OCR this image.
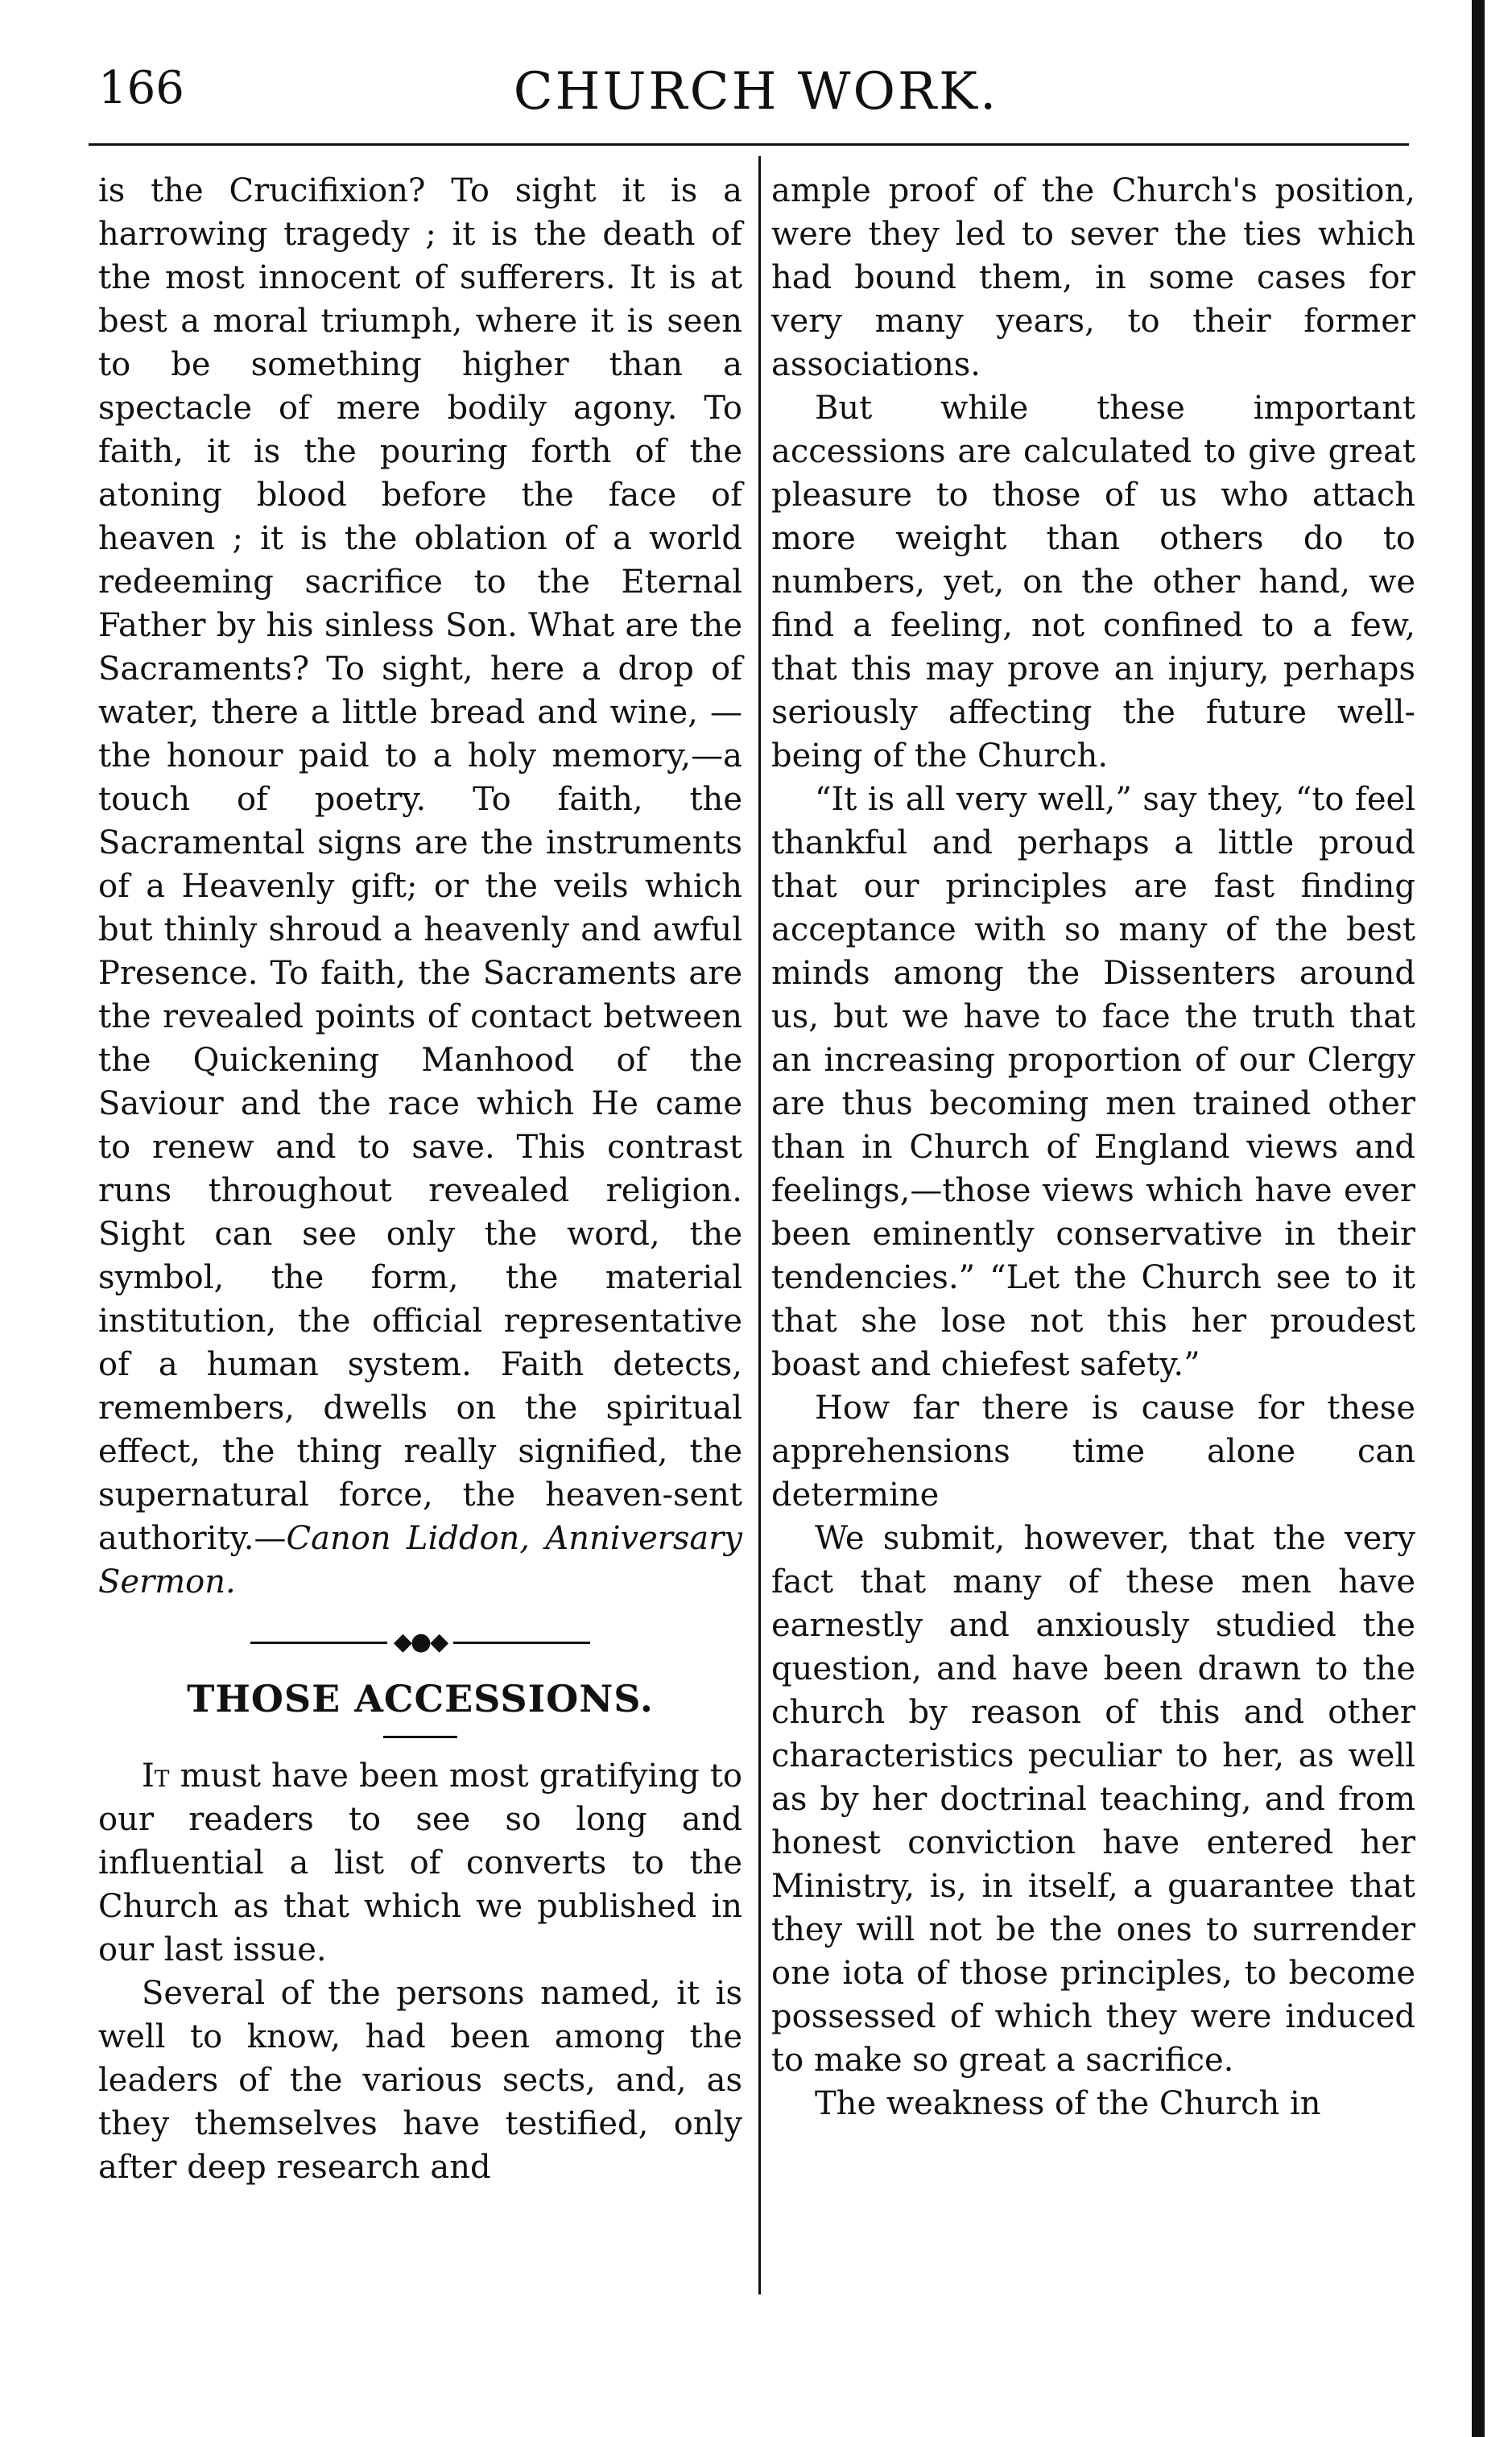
166	CHURCH WORK.

is the Crucifixion? To sight it is a harrowing tragedy ; it is the death of the most innocent of sufferers. It is at best a moral triumph, where it is seen to be something higher than a spectacle of mere bodily agony. To faith, it is the pouring forth of the atoning blood before the face of heaven ; it is the oblation of a world redeeming sacrifice to the Eternal Father by his sinless Son. What are the Sacraments? To sight, here a drop of water, there a little bread and wine, —the honour paid to a holy memory,—a touch of poetry. To faith, the Sacramental signs are the instruments of a Heavenly gift; or the veils which but thinly shroud a heavenly and awful Presence. To faith, the Sacraments are the revealed points of contact between the Quickening Manhood of the Saviour and the race which He came to renew and to save. This contrast runs throughout revealed religion. Sight can see only the word, the symbol, the form, the material institution, the official representative of a human system. Faith detects, remembers, dwells on the spiritual effect, the thing really signified, the supernatural force, the heaven-sent authority.—Canon Liddon, Anniversary Sermon.

◆●◆
THOSE ACCESSIONS.

It must have been most gratifying to our readers to see so long and influential a list of converts to the Church as that which we published in our last issue.

Several of the persons named, it is well to know, had been among the leaders of the various sects, and, as they themselves have testified, only after deep research and

ample proof of the Church's position, were they led to sever the ties which had bound them, in some cases for very many years, to their former associations.

But while these important accessions are calculated to give great pleasure to those of us who attach more weight than others do to numbers, yet, on the other hand, we find a feeling, not confined to a few, that this may prove an injury, perhaps seriously affecting the future well-being of the Church.

“It is all very well,” say they, “to feel thankful and perhaps a little proud that our principles are fast finding acceptance with so many of the best minds among the Dissenters around us, but we have to face the truth that an increasing proportion of our Clergy are thus becoming men trained other than in Church of England views and feelings,—those views which have ever been eminently conservative in their tendencies.” “Let the Church see to it that she lose not this her proudest boast and chiefest safety.”

How far there is cause for these apprehensions time alone can determine

We submit, however, that the very fact that many of these men have earnestly and anxiously studied the question, and have been drawn to the church by reason of this and other characteristics peculiar to her, as well as by her doctrinal teaching, and from honest conviction have entered her Ministry, is, in itself, a guarantee that they will not be the ones to surrender one iota of those principles, to become possessed of which they were induced to make so great a sacrifice.

The weakness of the Church in
